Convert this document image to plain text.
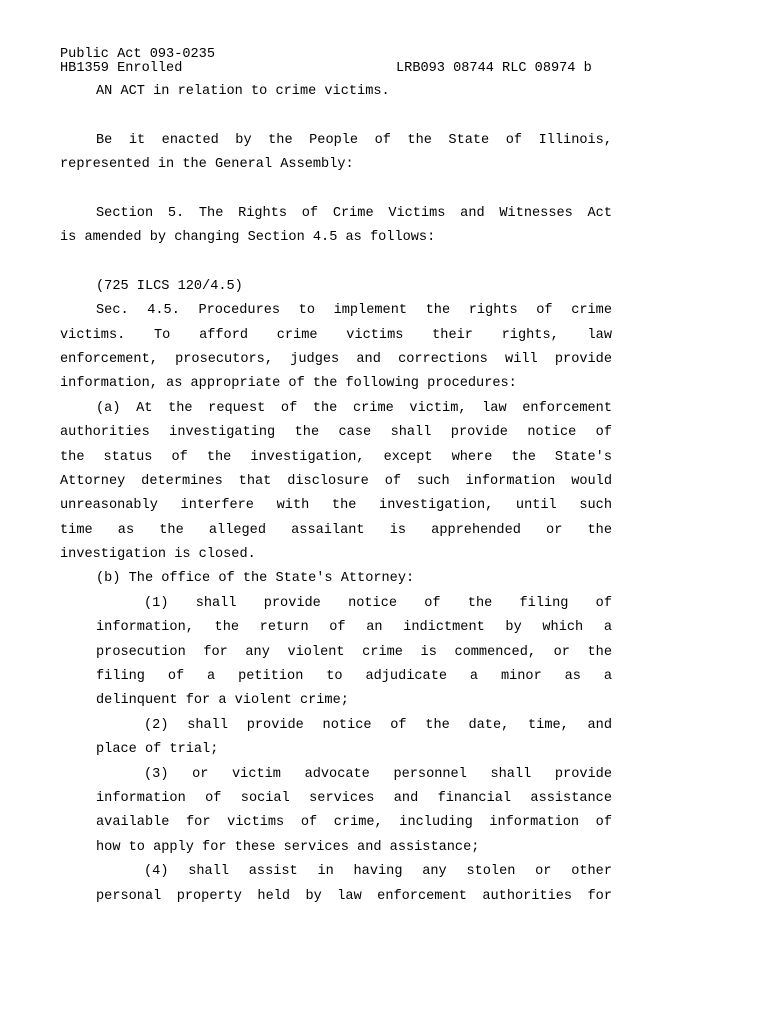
Public Act 093-0235
HB1359 Enrolled	LRB093 08744 RLC 08974 b
AN ACT in relation to crime victims.
Be it enacted by the People of the State of Illinois,
represented in the General Assembly:
Section 5. The Rights of Crime Victims and Witnesses Act
is amended by changing Section 4.5 as follows:
(725 ILCS 120/4.5)
Sec. 4.5. Procedures to implement the rights of crime
victims. To afford crime victims their rights, law
enforcement, prosecutors, judges and corrections will provide
information, as appropriate of the following procedures:
(a) At the request of the crime victim, law enforcement
authorities investigating the case shall provide notice of
the status of the investigation, except where the State's
Attorney determines that disclosure of such information would
unreasonably interfere with the investigation, until such
time as the alleged assailant is apprehended or the
investigation is closed.
(b) The office of the State's Attorney:
(1) shall provide notice of the filing of
information, the return of an indictment by which a
prosecution for any violent crime is commenced, or the
filing of a petition to adjudicate a minor as a
delinquent for a violent crime;
(2) shall provide notice of the date, time, and
place of trial;
(3) or victim advocate personnel shall provide
information of social services and financial assistance
available for victims of crime, including information of
how to apply for these services and assistance;
(4) shall assist in having any stolen or other
personal property held by law enforcement authorities for
